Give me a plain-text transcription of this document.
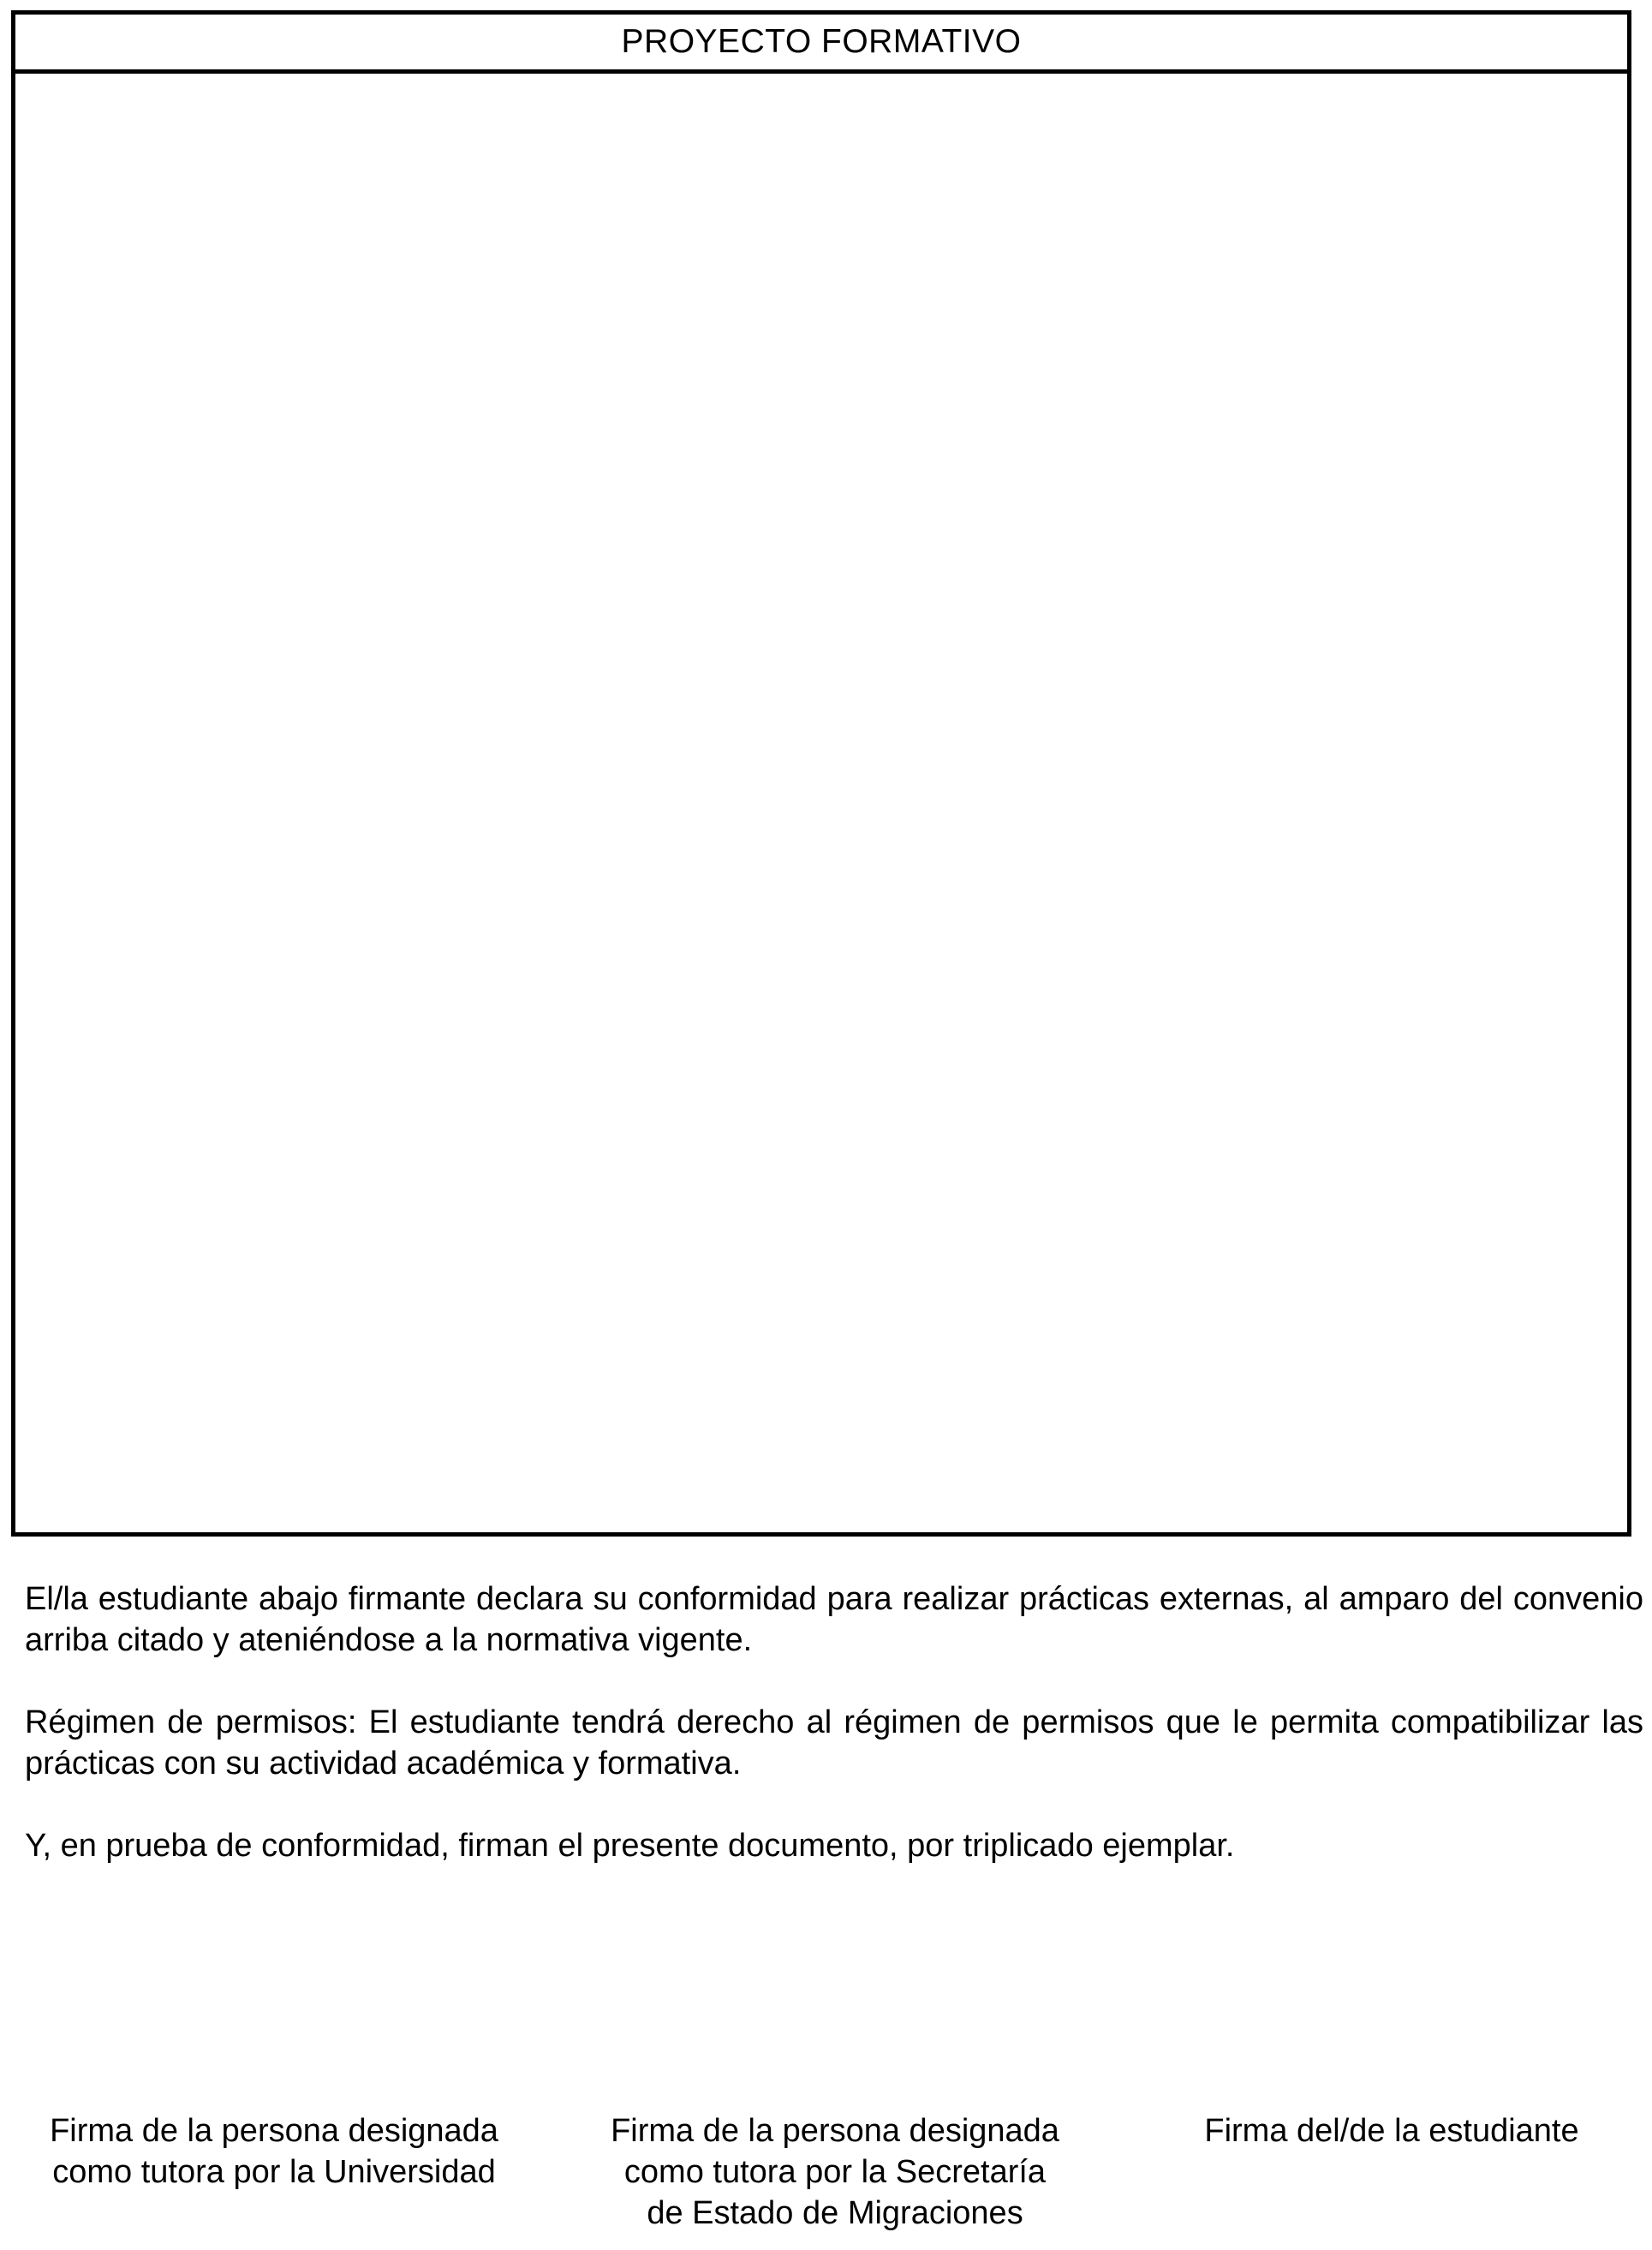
PROYECTO FORMATIVO

El/la estudiante abajo firmante declara su conformidad para realizar prácticas externas, al amparo del convenio arriba citado y ateniéndose a la normativa vigente.

Régimen de permisos: El estudiante tendrá derecho al régimen de permisos que le permita compatibilizar las prácticas con su actividad académica y formativa.

Y, en prueba de conformidad, firman el presente documento, por triplicado ejemplar.

Firma de la persona designada
como tutora por la Universidad
Firma de la persona designada
como tutora por la Secretaría
de Estado de Migraciones
Firma del/de la estudiante
